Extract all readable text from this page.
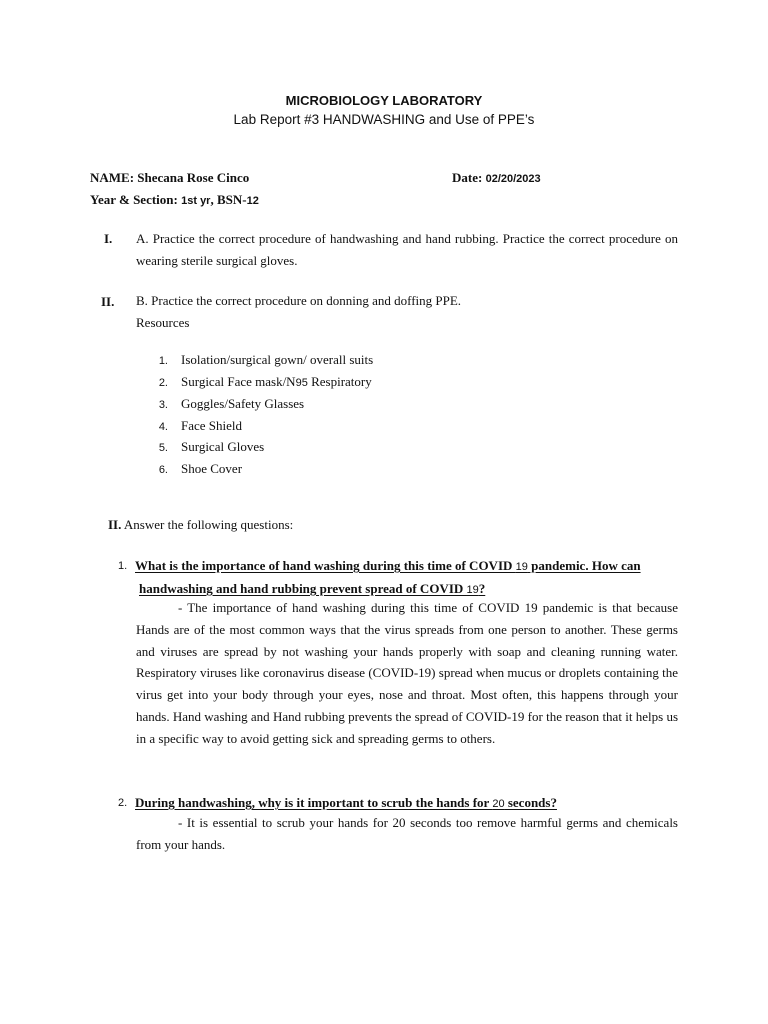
MICROBIOLOGY LABORATORY
Lab Report #3 HANDWASHING and Use of PPE’s
NAME: Shecana Rose Cinco	Date: 02/20/2023
Year & Section: 1st yr, BSN-12
I. A. Practice the correct procedure of handwashing and hand rubbing. Practice the correct procedure on wearing sterile surgical gloves.
II. B. Practice the correct procedure on donning and doffing PPE.
Resources
1. Isolation/surgical gown/ overall suits
2. Surgical Face mask/N95 Respiratory
3. Goggles/Safety Glasses
4. Face Shield
5. Surgical Gloves
6. Shoe Cover
II. Answer the following questions:
1. What is the importance of hand washing during this time of COVID 19 pandemic. How can
handwashing and hand rubbing prevent spread of COVID 19?
- The importance of hand washing during this time of COVID 19 pandemic is that because Hands are of the most common ways that the virus spreads from one person to another. These germs and viruses are spread by not washing your hands properly with soap and cleaning running water. Respiratory viruses like coronavirus disease (COVID-19) spread when mucus or droplets containing the virus get into your body through your eyes, nose and throat. Most often, this happens through your hands. Hand washing and Hand rubbing prevents the spread of COVID-19 for the reason that it helps us in a specific way to avoid getting sick and spreading germs to others.
2. During handwashing, why is it important to scrub the hands for 20 seconds?
- It is essential to scrub your hands for 20 seconds too remove harmful germs and chemicals from your hands.
